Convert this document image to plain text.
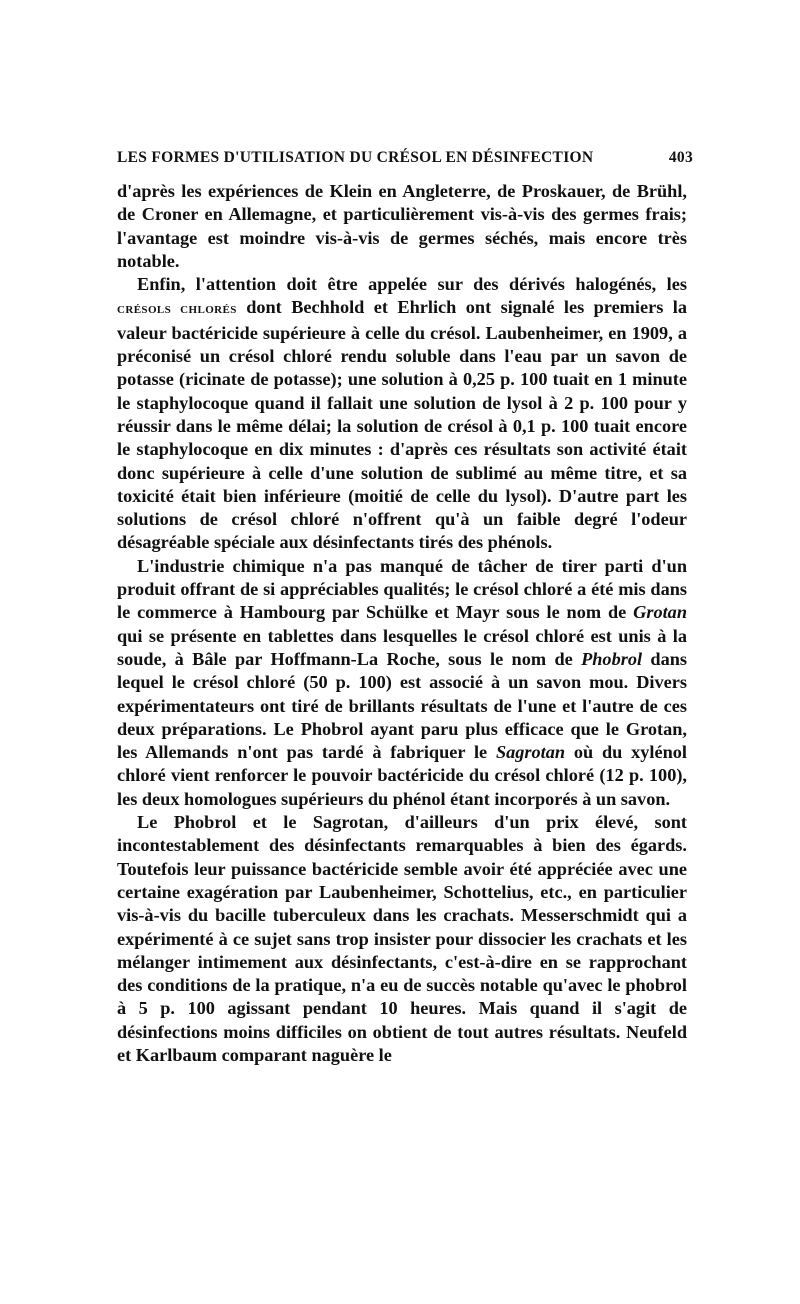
LES FORMES D'UTILISATION DU CRÉSOL EN DÉSINFECTION	403

d'après les expériences de Klein en Angleterre, de Proskauer, de Brühl, de Croner en Allemagne, et particulièrement vis-à-vis des germes frais; l'avantage est moindre vis-à-vis de germes séchés, mais encore très notable.

Enfin, l'attention doit être appelée sur des dérivés halogénés, les crésols chlorés dont Bechhold et Ehrlich ont signalé les premiers la valeur bactéricide supérieure à celle du crésol. Laubenheimer, en 1909, a préconisé un crésol chloré rendu soluble dans l'eau par un savon de potasse (ricinate de potasse); une solution à 0,25 p. 100 tuait en 1 minute le staphylocoque quand il fallait une solution de lysol à 2 p. 100 pour y réussir dans le même délai; la solution de crésol à 0,1 p. 100 tuait encore le staphylocoque en dix minutes : d'après ces résultats son activité était donc supérieure à celle d'une solution de sublimé au même titre, et sa toxicité était bien inférieure (moitié de celle du lysol). D'autre part les solutions de crésol chloré n'offrent qu'à un faible degré l'odeur désagréable spéciale aux désinfectants tirés des phénols.

L'industrie chimique n'a pas manqué de tâcher de tirer parti d'un produit offrant de si appréciables qualités; le crésol chloré a été mis dans le commerce à Hambourg par Schülke et Mayr sous le nom de Grotan qui se présente en tablettes dans lesquelles le crésol chloré est unis à la soude, à Bâle par Hoffmann-La Roche, sous le nom de Phobrol dans lequel le crésol chloré (50 p. 100) est associé à un savon mou. Divers expérimentateurs ont tiré de brillants résultats de l'une et l'autre de ces deux préparations. Le Phobrol ayant paru plus efficace que le Grotan, les Allemands n'ont pas tardé à fabriquer le Sagrotan où du xylénol chloré vient renforcer le pouvoir bactéricide du crésol chloré (12 p. 100), les deux homologues supérieurs du phénol étant incorporés à un savon.

Le Phobrol et le Sagrotan, d'ailleurs d'un prix élevé, sont incontestablement des désinfectants remarquables à bien des égards. Toutefois leur puissance bactéricide semble avoir été appréciée avec une certaine exagération par Laubenheimer, Schottelius, etc., en particulier vis-à-vis du bacille tuberculeux dans les crachats. Messerschmidt qui a expérimenté à ce sujet sans trop insister pour dissocier les crachats et les mélanger intimement aux désinfectants, c'est-à-dire en se rapprochant des conditions de la pratique, n'a eu de succès notable qu'avec le phobrol à 5 p. 100 agissant pendant 10 heures. Mais quand il s'agit de désinfections moins difficiles on obtient de tout autres résultats. Neufeld et Karlbaum comparant naguère le
